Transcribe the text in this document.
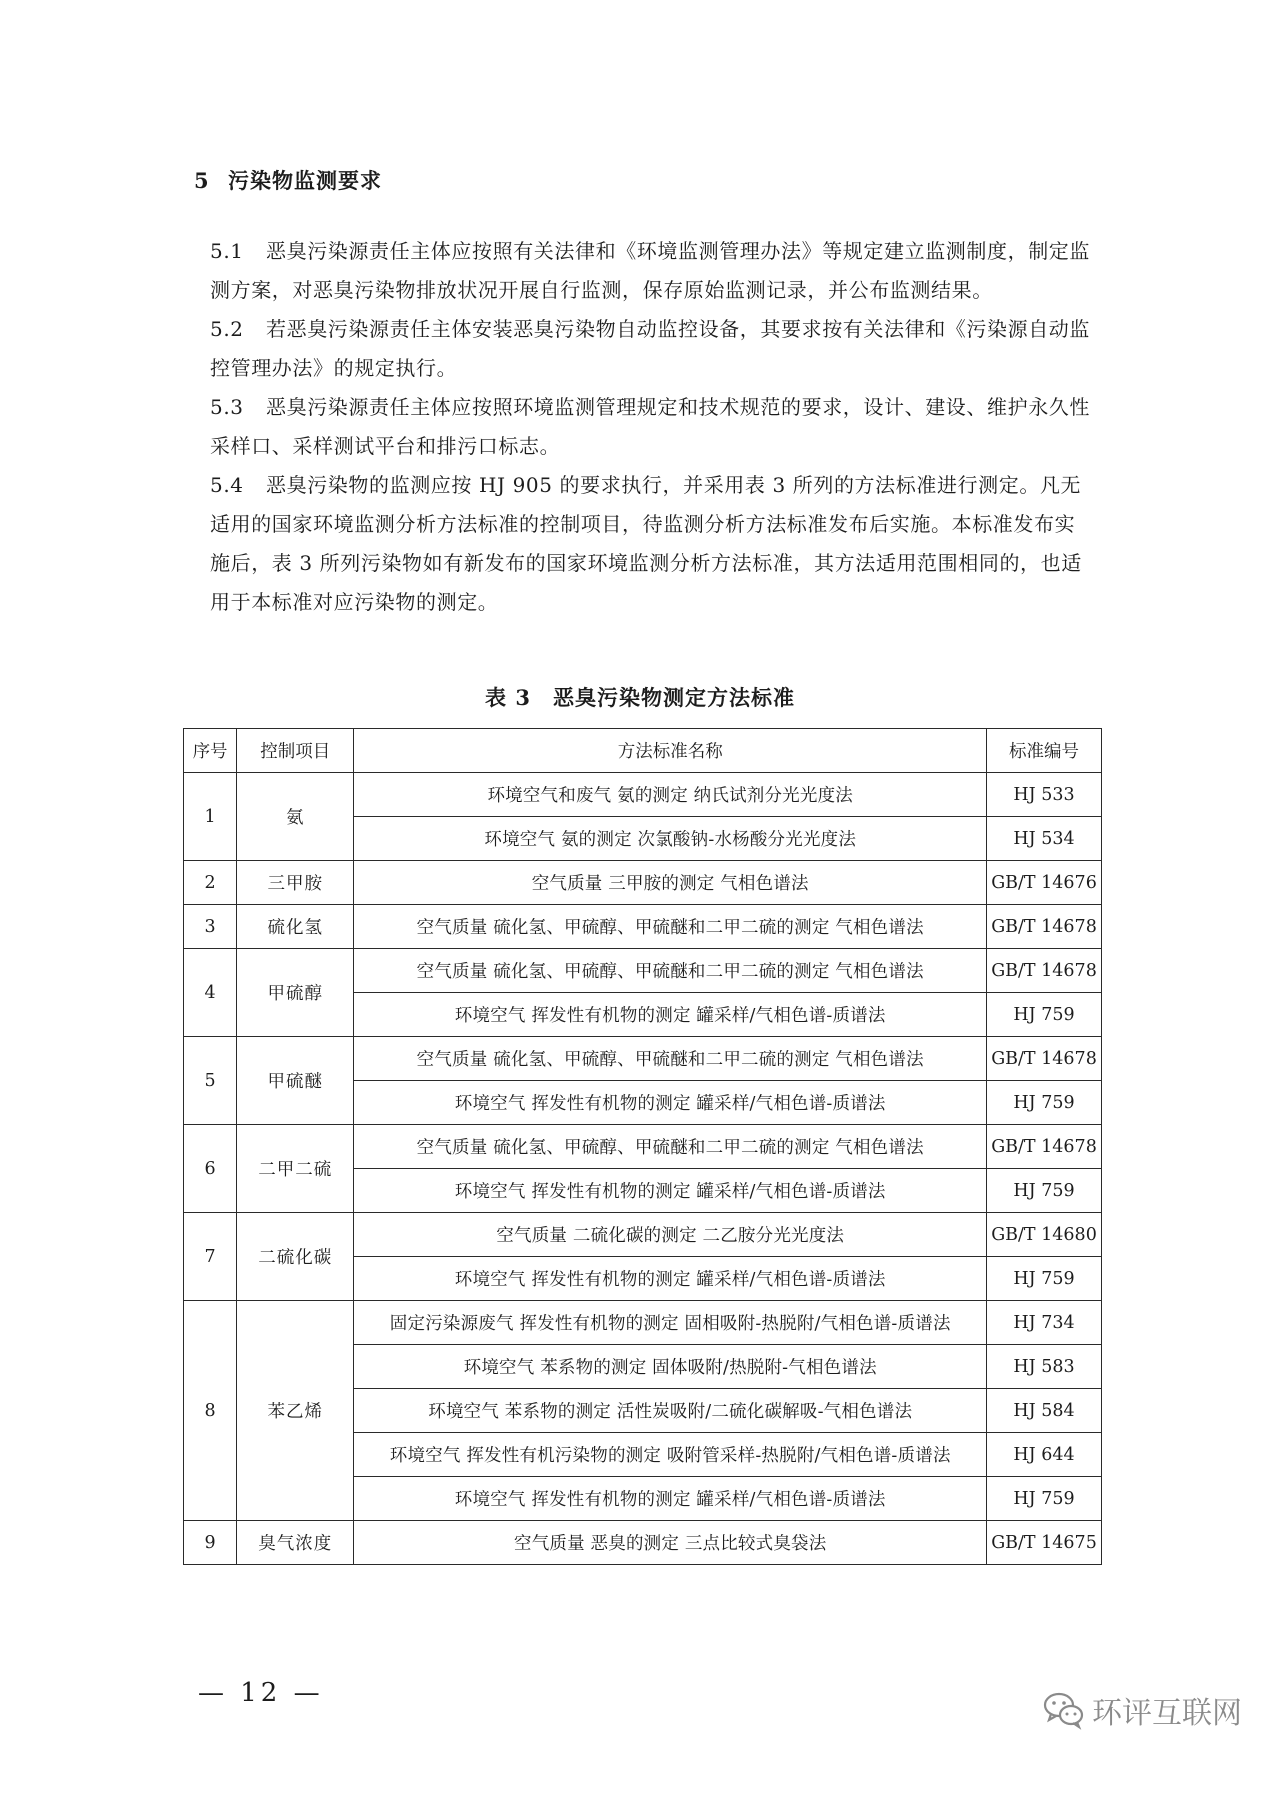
5 污染物监测要求

5.1 恶臭污染源责任主体应按照有关法律和《环境监测管理办法》等规定建立监测制度，制定监测方案，对恶臭污染物排放状况开展自行监测，保存原始监测记录，并公布监测结果。

5.2 若恶臭污染源责任主体安装恶臭污染物自动监控设备，其要求按有关法律和《污染源自动监控管理办法》的规定执行。

5.3 恶臭污染源责任主体应按照环境监测管理规定和技术规范的要求，设计、建设、维护永久性采样口、采样测试平台和排污口标志。

5.4 恶臭污染物的监测应按 HJ 905 的要求执行，并采用表 3 所列的方法标准进行测定。凡无适用的国家环境监测分析方法标准的控制项目，待监测分析方法标准发布后实施。本标准发布实施后，表 3 所列污染物如有新发布的国家环境监测分析方法标准，其方法适用范围相同的，也适用于本标准对应污染物的测定。

表 3　恶臭污染物测定方法标准
序号	控制项目	方法标准名称	标准编号
1	氨	环境空气和废气 氨的测定 纳氏试剂分光光度法	HJ 533
		环境空气 氨的测定 次氯酸钠-水杨酸分光光度法	HJ 534
2	三甲胺	空气质量 三甲胺的测定 气相色谱法	GB/T 14676
3	硫化氢	空气质量 硫化氢、甲硫醇、甲硫醚和二甲二硫的测定 气相色谱法	GB/T 14678
4	甲硫醇	空气质量 硫化氢、甲硫醇、甲硫醚和二甲二硫的测定 气相色谱法	GB/T 14678
		环境空气 挥发性有机物的测定 罐采样/气相色谱-质谱法	HJ 759
5	甲硫醚	空气质量 硫化氢、甲硫醇、甲硫醚和二甲二硫的测定 气相色谱法	GB/T 14678
		环境空气 挥发性有机物的测定 罐采样/气相色谱-质谱法	HJ 759
6	二甲二硫	空气质量 硫化氢、甲硫醇、甲硫醚和二甲二硫的测定 气相色谱法	GB/T 14678
		环境空气 挥发性有机物的测定 罐采样/气相色谱-质谱法	HJ 759
7	二硫化碳	空气质量 二硫化碳的测定 二乙胺分光光度法	GB/T 14680
		环境空气 挥发性有机物的测定 罐采样/气相色谱-质谱法	HJ 759
8	苯乙烯	固定污染源废气 挥发性有机物的测定 固相吸附-热脱附/气相色谱-质谱法	HJ 734
		环境空气 苯系物的测定 固体吸附/热脱附-气相色谱法	HJ 583
		环境空气 苯系物的测定 活性炭吸附/二硫化碳解吸-气相色谱法	HJ 584
		环境空气 挥发性有机污染物的测定 吸附管采样-热脱附/气相色谱-质谱法	HJ 644
		环境空气 挥发性有机物的测定 罐采样/气相色谱-质谱法	HJ 759
9	臭气浓度	空气质量 恶臭的测定 三点比较式臭袋法	GB/T 14675
— 12 —
环评互联网
